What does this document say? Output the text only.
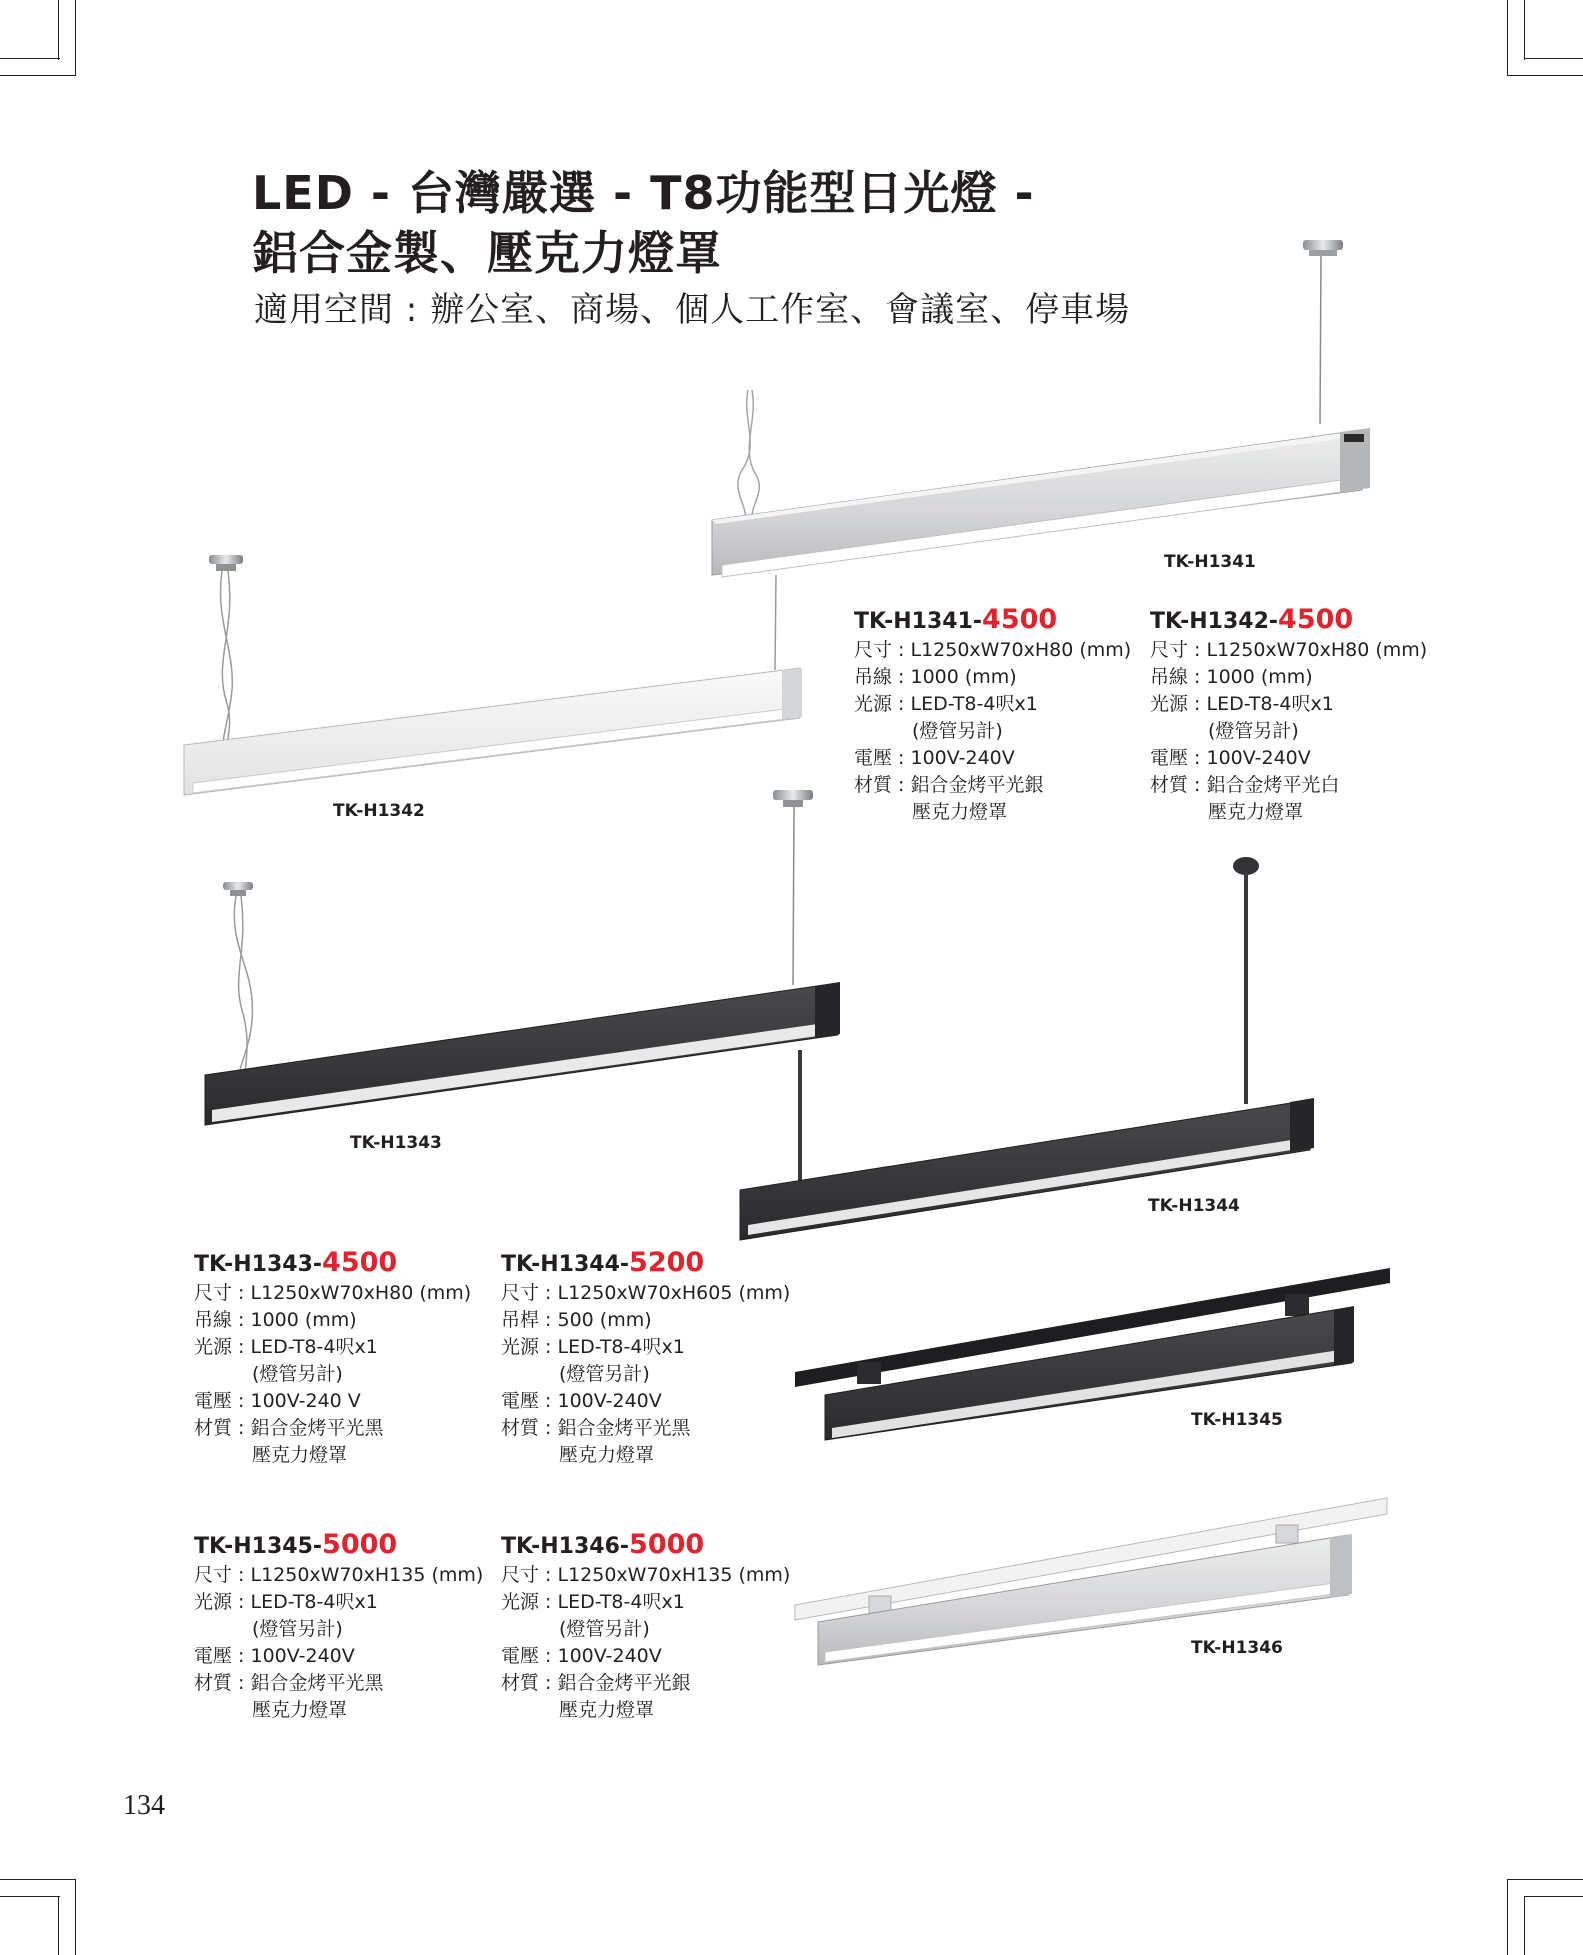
LED - 台灣嚴選 - T8功能型日光燈 -
鋁合金製、壓克力燈罩
適用空間 : 辦公室、商場、個人工作室、會議室、停車場
TK-H1341
TK-H1342
TK-H1343
TK-H1344
TK-H1345
TK-H1346
TK-H1341-4500
尺寸 : L1250xW70xH80 (mm)
吊線 : 1000 (mm)
光源 : LED-T8-4呎x1
(燈管另計)
電壓 : 100V-240V
材質 : 鋁合金烤平光銀
壓克力燈罩
TK-H1342-4500
尺寸 : L1250xW70xH80 (mm)
吊線 : 1000 (mm)
光源 : LED-T8-4呎x1
(燈管另計)
電壓 : 100V-240V
材質 : 鋁合金烤平光白
壓克力燈罩
TK-H1343-4500
尺寸 : L1250xW70xH80 (mm)
吊線 : 1000 (mm)
光源 : LED-T8-4呎x1
(燈管另計)
電壓 : 100V-240 V
材質 : 鋁合金烤平光黑
壓克力燈罩
TK-H1344-5200
尺寸 : L1250xW70xH605 (mm)
吊桿 : 500 (mm)
光源 : LED-T8-4呎x1
(燈管另計)
電壓 : 100V-240V
材質 : 鋁合金烤平光黑
壓克力燈罩
TK-H1345-5000
尺寸 : L1250xW70xH135 (mm)
光源 : LED-T8-4呎x1
(燈管另計)
電壓 : 100V-240V
材質 : 鋁合金烤平光黑
壓克力燈罩
TK-H1346-5000
尺寸 : L1250xW70xH135 (mm)
光源 : LED-T8-4呎x1
(燈管另計)
電壓 : 100V-240V
材質 : 鋁合金烤平光銀
壓克力燈罩
134
